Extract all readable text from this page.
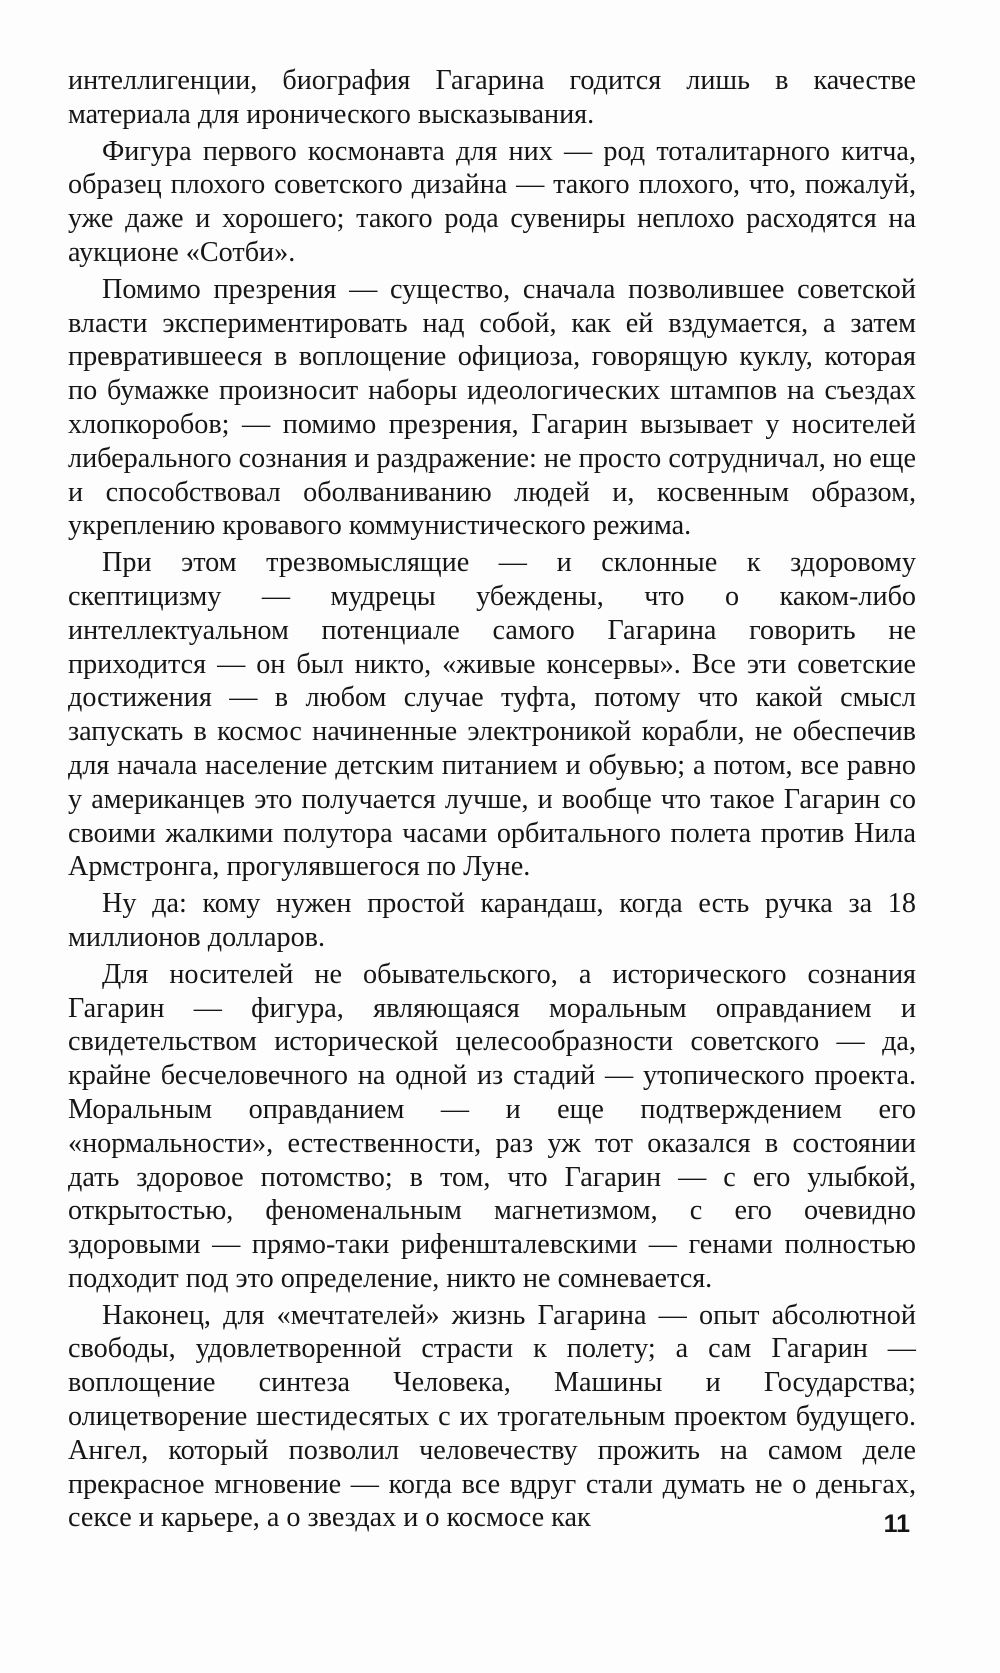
интеллигенции, биография Гагарина годится лишь в качестве материала для иронического высказывания.

Фигура первого космонавта для них — род тоталитарного китча, образец плохого советского дизайна — такого плохого, что, пожалуй, уже даже и хорошего; такого рода сувениры неплохо расходятся на аукционе «Сотби».

Помимо презрения — существо, сначала позволившее советской власти экспериментировать над собой, как ей вздумается, а затем превратившееся в воплощение официоза, говорящую куклу, которая по бумажке произносит наборы идеологических штампов на съездах хлопкоробов; — помимо презрения, Гагарин вызывает у носителей либерального сознания и раздражение: не просто сотрудничал, но еще и способствовал оболваниванию людей и, косвенным образом, укреплению кровавого коммунистического режима.

При этом трезвомыслящие — и склонные к здоровому скептицизму — мудрецы убеждены, что о каком-либо интеллектуальном потенциале самого Гагарина говорить не приходится — он был никто, «живые консервы». Все эти советские достижения — в любом случае туфта, потому что какой смысл запускать в космос начиненные электроникой корабли, не обеспечив для начала население детским питанием и обувью; а потом, все равно у американцев это получается лучше, и вообще что такое Гагарин со своими жалкими полутора часами орбитального полета против Нила Армстронга, прогулявшегося по Луне.

Ну да: кому нужен простой карандаш, когда есть ручка за 18 миллионов долларов.

Для носителей не обывательского, а исторического сознания Гагарин — фигура, являющаяся моральным оправданием и свидетельством исторической целесообразности советского — да, крайне бесчеловечного на одной из стадий — утопического проекта. Моральным оправданием — и еще подтверждением его «нормальности», естественности, раз уж тот оказался в состоянии дать здоровое потомство; в том, что Гагарин — с его улыбкой, открытостью, феноменальным магнетизмом, с его очевидно здоровыми — прямо-таки рифеншталевскими — генами полностью подходит под это определение, никто не сомневается.

Наконец, для «мечтателей» жизнь Гагарина — опыт абсолютной свободы, удовлетворенной страсти к полету; а сам Гагарин — воплощение синтеза Человека, Машины и Государства; олицетворение шестидесятых с их трогательным проектом будущего. Ангел, который позволил человечеству прожить на самом деле прекрасное мгновение — когда все вдруг стали думать не о деньгах, сексе и карьере, а о звездах и о космосе как	11
